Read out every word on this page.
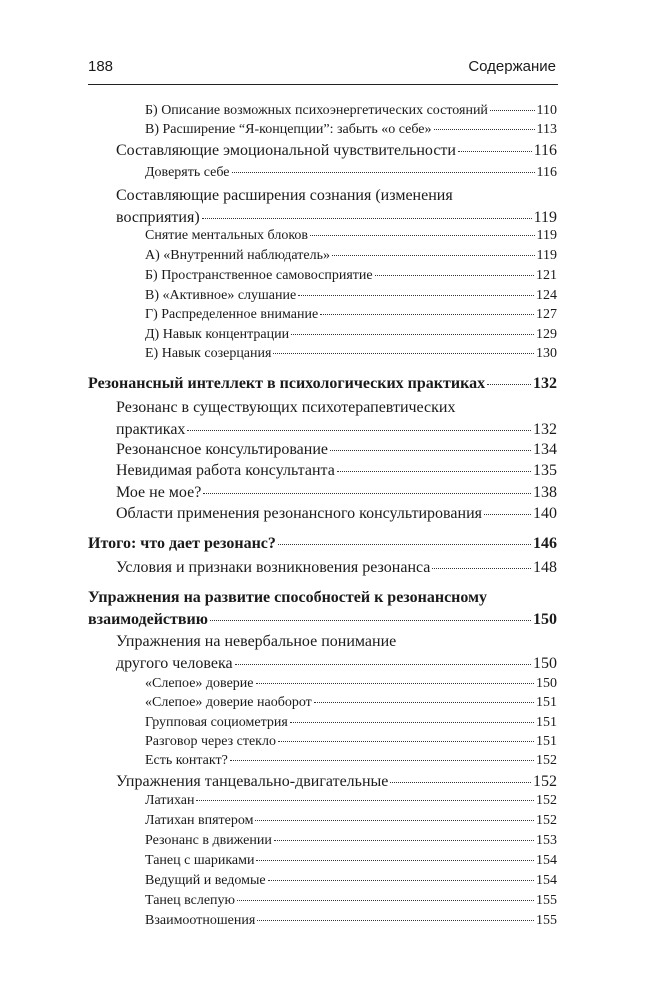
188	Содержание
Б) Описание возможных психоэнергетических состояний	110
В) Расширение “Я-концепции”: забыть «о себе»	113
Составляющие эмоциональной чувствительности	116
Доверять себе	116
Составляющие расширения сознания (изменения
восприятия)	119
Снятие ментальных блоков	119
А) «Внутренний наблюдатель»	119
Б) Пространственное самовосприятие	121
В) «Активное» слушание	124
Г) Распределенное внимание	127
Д) Навык концентрации	129
Е) Навык созерцания	130
Резонансный интеллект в психологических практиках	132
Резонанс в существующих психотерапевтических
практиках	132
Резонансное консультирование	134
Невидимая работа консультанта	135
Мое не мое?	138
Области применения резонансного консультирования	140
Итого: что дает резонанс?	146
Условия и признаки возникновения резонанса	148
Упражнения на развитие способностей к резонансному
взаимодействию	150
Упражнения на невербальное понимание
другого человека	150
«Слепое» доверие	150
«Слепое» доверие наоборот	151
Групповая социометрия	151
Разговор через стекло	151
Есть контакт?	152
Упражнения танцевально-двигательные	152
Латихан	152
Латихан впятером	152
Резонанс в движении	153
Танец с шариками	154
Ведущий и ведомые	154
Танец вслепую	155
Взаимоотношения	155
